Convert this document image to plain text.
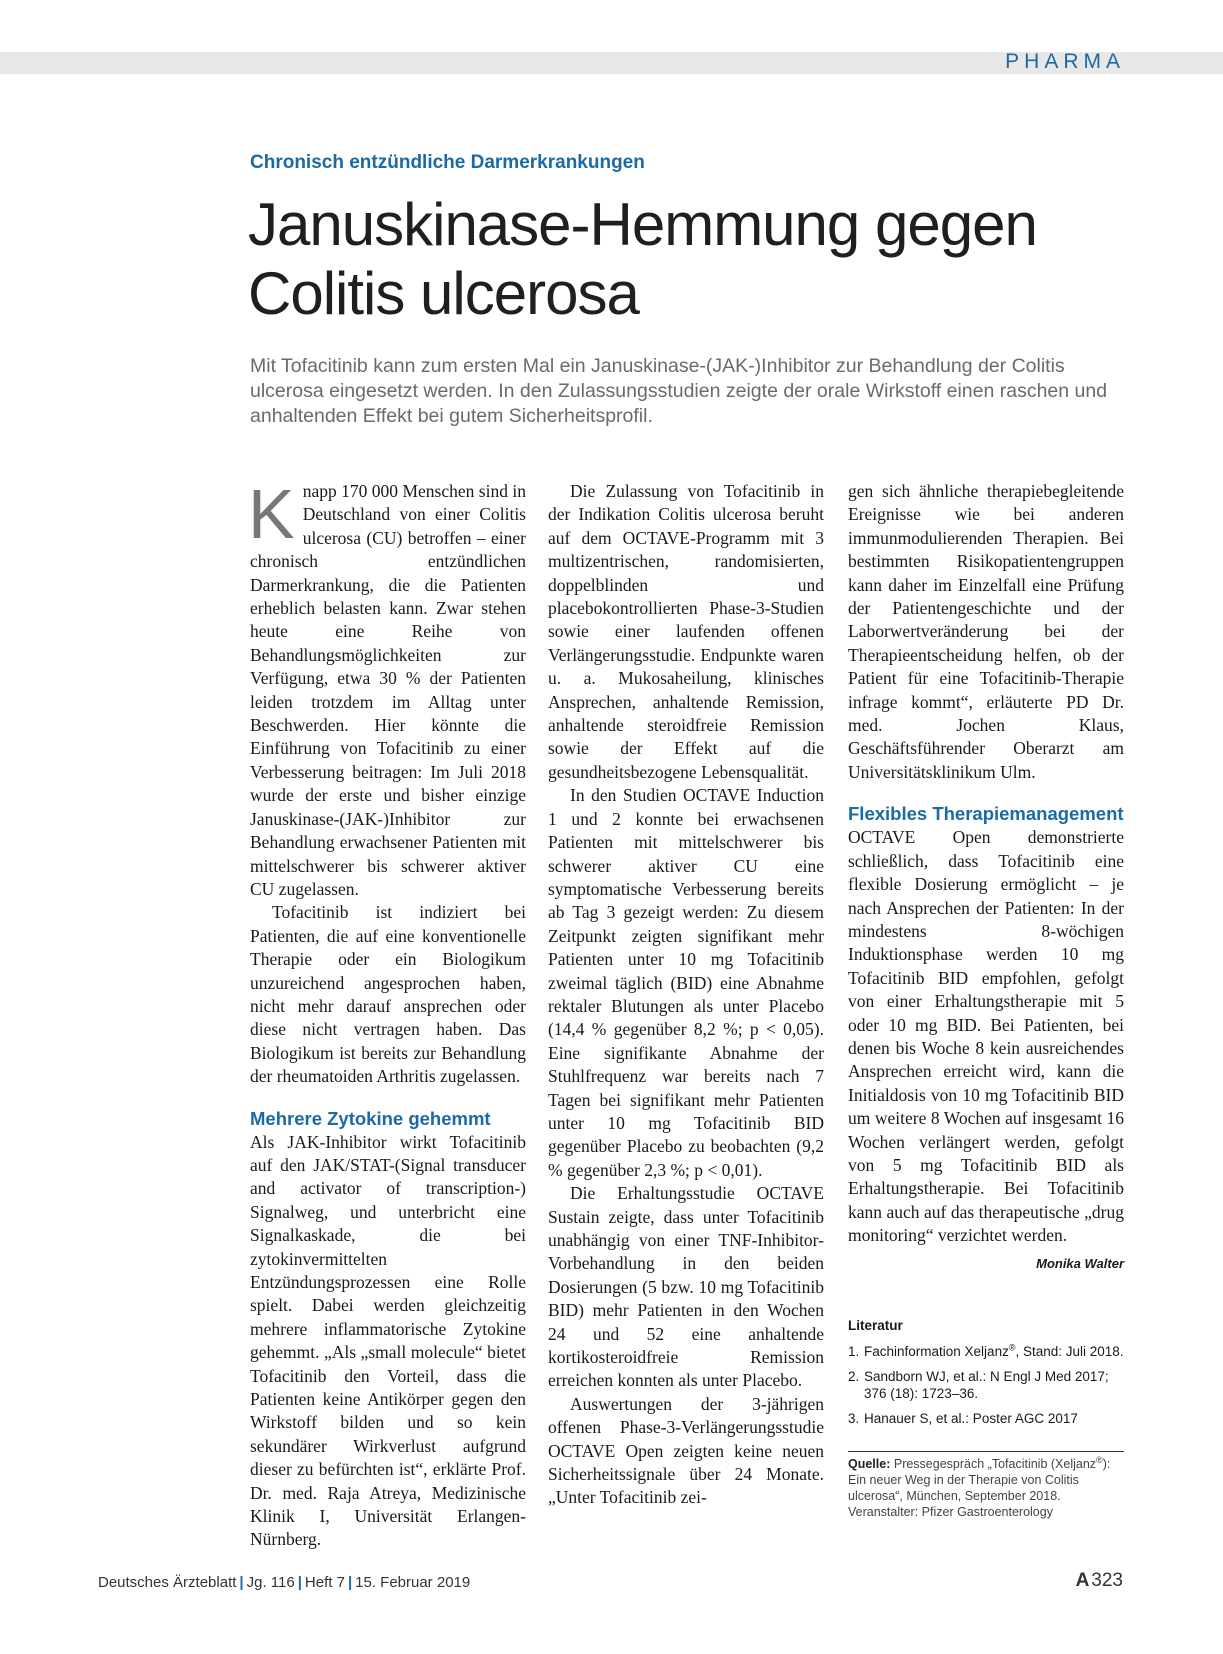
PHARMA
Chronisch entzündliche Darmerkrankungen
Januskinase-Hemmung gegen
Colitis ulcerosa
Mit Tofacitinib kann zum ersten Mal ein Januskinase-(JAK-)Inhibitor zur Behandlung der Colitis ulcerosa eingesetzt werden. In den Zulassungsstudien zeigte der orale Wirkstoff einen raschen und anhaltenden Effekt bei gutem Sicherheitsprofil.

Knapp 170 000 Menschen sind in Deutschland von einer Colitis ulcerosa (CU) betroffen – einer chronisch entzündlichen Darmerkrankung, die die Patienten erheblich belasten kann. Zwar stehen heute eine Reihe von Behandlungsmöglichkeiten zur Verfügung, etwa 30 % der Patienten leiden trotzdem im Alltag unter Beschwerden. Hier könnte die Einführung von Tofacitinib zu einer Verbesserung beitragen: Im Juli 2018 wurde der erste und bisher einzige Januskinase-(JAK-)Inhibitor zur Behandlung erwachsener Patienten mit mittelschwerer bis schwerer aktiver CU zugelassen.

Tofacitinib ist indiziert bei Patienten, die auf eine konventionelle Therapie oder ein Biologikum unzureichend angesprochen haben, nicht mehr darauf ansprechen oder diese nicht vertragen haben. Das Biologikum ist bereits zur Behandlung der rheumatoiden Arthritis zugelassen.

Mehrere Zytokine gehemmt

Als JAK-Inhibitor wirkt Tofacitinib auf den JAK/STAT-(Signal transducer and activator of transcription-) Signalweg, und unterbricht eine Signalkaskade, die bei zytokinvermittelten Entzündungsprozessen eine Rolle spielt. Dabei werden gleichzeitig mehrere inflammatorische Zytokine gehemmt. „Als „small molecule“ bietet Tofacitinib den Vorteil, dass die Patienten keine Antikörper gegen den Wirkstoff bilden und so kein sekundärer Wirkverlust aufgrund dieser zu befürchten ist“, erklärte Prof. Dr. med. Raja Atreya, Medizinische Klinik I, Universität Erlangen-Nürnberg.

Die Zulassung von Tofacitinib in der Indikation Colitis ulcerosa beruht auf dem OCTAVE-Programm mit 3 multizentrischen, randomisierten, doppelblinden und placebokontrollierten Phase-3-Studien sowie einer laufenden offenen Verlängerungsstudie. Endpunkte waren u. a. Mukosaheilung, klinisches Ansprechen, anhaltende Remission, anhaltende steroidfreie Remission sowie der Effekt auf die gesundheitsbezogene Lebensqualität.

In den Studien OCTAVE Induction 1 und 2 konnte bei erwachsenen Patienten mit mittelschwerer bis schwerer aktiver CU eine symptomatische Verbesserung bereits ab Tag 3 gezeigt werden: Zu diesem Zeitpunkt zeigten signifikant mehr Patienten unter 10 mg Tofacitinib zweimal täglich (BID) eine Abnahme rektaler Blutungen als unter Placebo (14,4 % gegenüber 8,2 %; p < 0,05). Eine signifikante Abnahme der Stuhlfrequenz war bereits nach 7 Tagen bei signifikant mehr Patienten unter 10 mg Tofacitinib BID gegenüber Placebo zu beobachten (9,2 % gegenüber 2,3 %; p < 0,01).

Die Erhaltungsstudie OCTAVE Sustain zeigte, dass unter Tofacitinib unabhängig von einer TNF-Inhibitor-Vorbehandlung in den beiden Dosierungen (5 bzw. 10 mg Tofacitinib BID) mehr Patienten in den Wochen 24 und 52 eine anhaltende kortikosteroidfreie Remission erreichen konnten als unter Placebo.

Auswertungen der 3-jährigen offenen Phase-3-Verlängerungsstudie OCTAVE Open zeigten keine neuen Sicherheitssignale über 24 Monate. „Unter Tofacitinib zei-

gen sich ähnliche therapiebegleitende Ereignisse wie bei anderen immunmodulierenden Therapien. Bei bestimmten Risikopatientengruppen kann daher im Einzelfall eine Prüfung der Patientengeschichte und der Laborwertveränderung bei der Therapieentscheidung helfen, ob der Patient für eine Tofacitinib-Therapie infrage kommt“, erläuterte PD Dr. med. Jochen Klaus, Geschäftsführender Oberarzt am Universitätsklinikum Ulm.

Flexibles Therapiemanagement

OCTAVE Open demonstrierte schließlich, dass Tofacitinib eine flexible Dosierung ermöglicht – je nach Ansprechen der Patienten: In der mindestens 8-wöchigen Induktionsphase werden 10 mg Tofacitinib BID empfohlen, gefolgt von einer Erhaltungstherapie mit 5 oder 10 mg BID. Bei Patienten, bei denen bis Woche 8 kein ausreichendes Ansprechen erreicht wird, kann die Initialdosis von 10 mg Tofacitinib BID um weitere 8 Wochen auf insgesamt 16 Wochen verlängert werden, gefolgt von 5 mg Tofacitinib BID als Erhaltungstherapie. Bei Tofacitinib kann auch auf das therapeutische „drug monitoring“ verzichtet werden.
Monika Walter

Literatur
1. Fachinformation Xeljanz®, Stand: Juli 2018.
2. Sandborn WJ, et al.: N Engl J Med 2017; 376 (18): 1723–36.
3. Hanauer S, et al.: Poster AGC 2017
Quelle: Pressegespräch „Tofacitinib (Xeljanz®): Ein neuer Weg in der Therapie von Colitis ulcerosa“, München, September 2018. Veranstalter: Pfizer Gastroenterology
Deutsches Ärzteblatt | Jg. 116 | Heft 7 | 15. Februar 2019	A 323
